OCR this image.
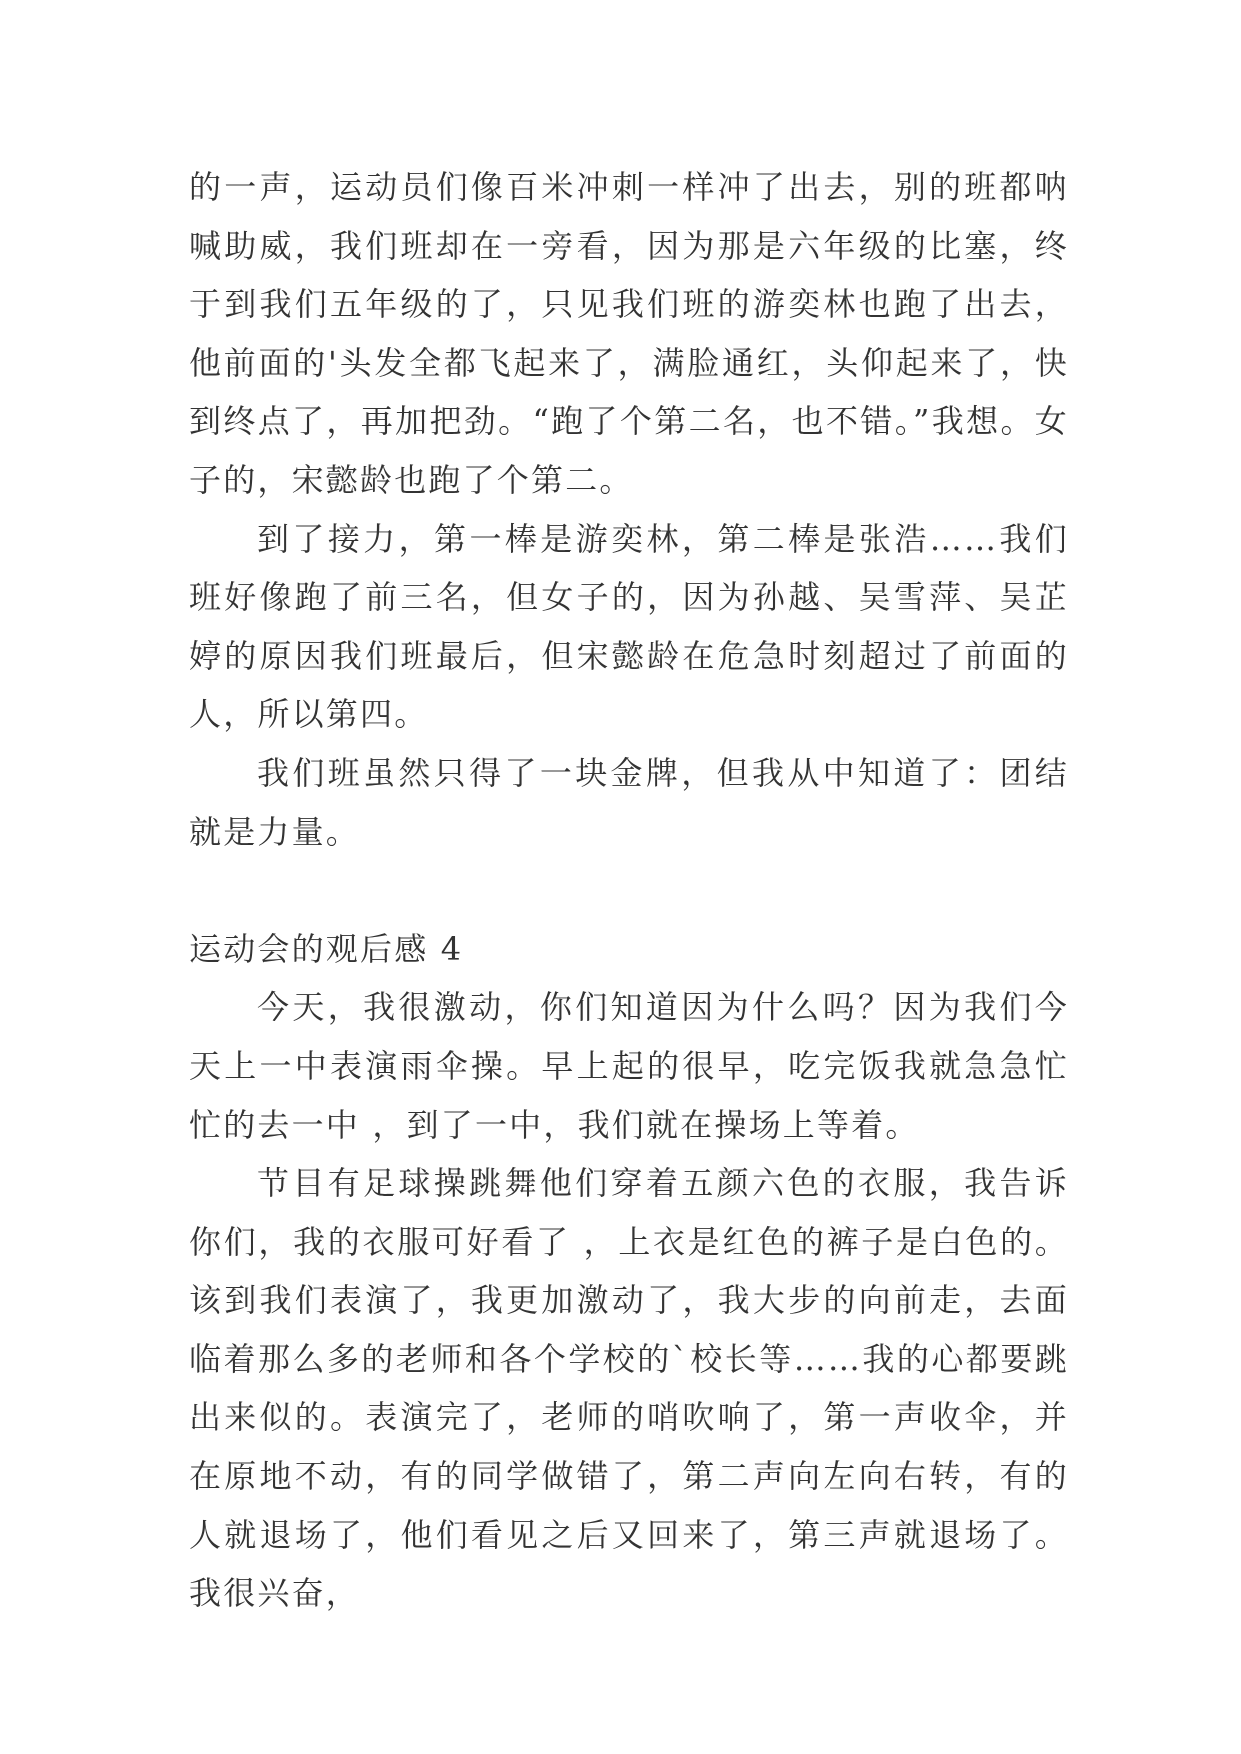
的一声，运动员们像百米冲刺一样冲了出去，别的班都呐喊助威，我们班却在一旁看，因为那是六年级的比塞，终于到我们五年级的了，只见我们班的游奕林也跑了出去，他前面的'头发全都飞起来了，满脸通红，头仰起来了，快到终点了，再加把劲。“跑了个第二名，也不错。”我想。女子的，宋懿龄也跑了个第二。

到了接力，第一棒是游奕林，第二棒是张浩……我们班好像跑了前三名，但女子的，因为孙越、吴雪萍、吴芷婷的原因我们班最后，但宋懿龄在危急时刻超过了前面的人，所以第四。

我们班虽然只得了一块金牌，但我从中知道了：团结就是力量。

运动会的观后感 4

今天，我很激动，你们知道因为什么吗？因为我们今天上一中表演雨伞操。早上起的很早，吃完饭我就急急忙忙的去一中 ，到了一中，我们就在操场上等着。

节目有足球操跳舞他们穿着五颜六色的衣服，我告诉你们，我的衣服可好看了 ，上衣是红色的裤子是白色的。该到我们表演了，我更加激动了，我大步的向前走，去面临着那么多的老师和各个学校的`校长等……我的心都要跳出来似的。表演完了，老师的哨吹响了，第一声收伞，并在原地不动，有的同学做错了，第二声向左向右转，有的人就退场了，他们看见之后又回来了，第三声就退场了。我很兴奋，
